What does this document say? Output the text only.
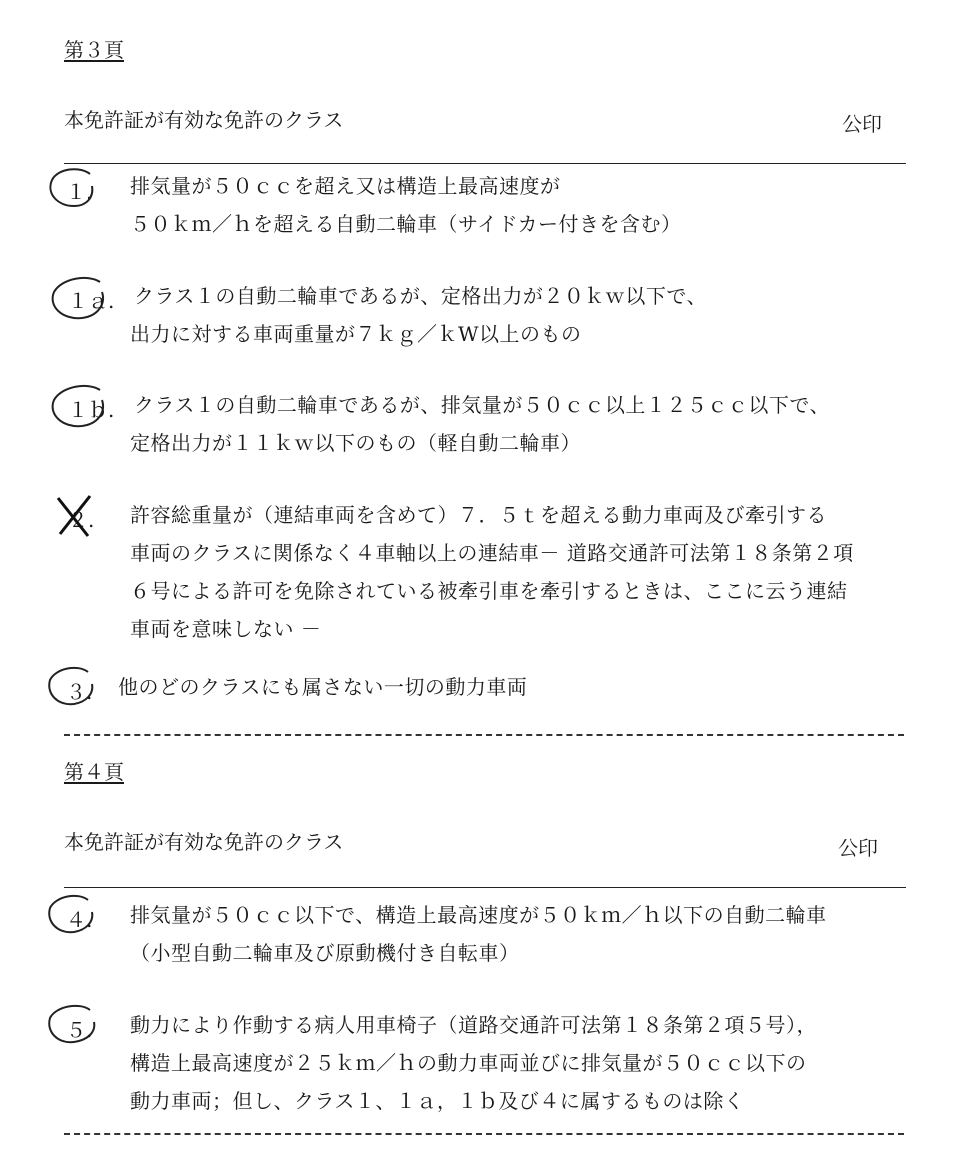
第３頁
本免許証が有効な免許のクラス	公印
１. 排気量が５０ｃｃを超え又は構造上最高速度が
５０ｋｍ／ｈを超える自動二輪車（サイドカー付きを含む）
１ａ. クラス１の自動二輪車であるが、定格出力が２０ｋｗ以下で、
出力に対する車両重量が７ｋｇ／ｋW以上のもの
１ｂ. クラス１の自動二輪車であるが、排気量が５０ｃｃ以上１２５ｃｃ以下で、
定格出力が１１ｋｗ以下のもの（軽自動二輪車）
２. 許容総重量が（連結車両を含めて）７．５ｔを超える動力車両及び牽引する
車両のクラスに関係なく４車軸以上の連結車－ 道路交通許可法第１８条第２項
６号による許可を免除されている被牽引車を牽引するときは、ここに云う連結
車両を意味しない －
３. 他のどのクラスにも属さない一切の動力車両
第４頁
本免許証が有効な免許のクラス	公印
４. 排気量が５０ｃｃ以下で、構造上最高速度が５０ｋｍ／ｈ以下の自動二輪車
（小型自動二輪車及び原動機付き自転車）
５. 動力により作動する病人用車椅子（道路交通許可法第１８条第２項５号），
構造上最高速度が２５ｋｍ／ｈの動力車両並びに排気量が５０ｃｃ以下の
動力車両；但し、クラス１、１ａ，１ｂ及び４に属するものは除く
